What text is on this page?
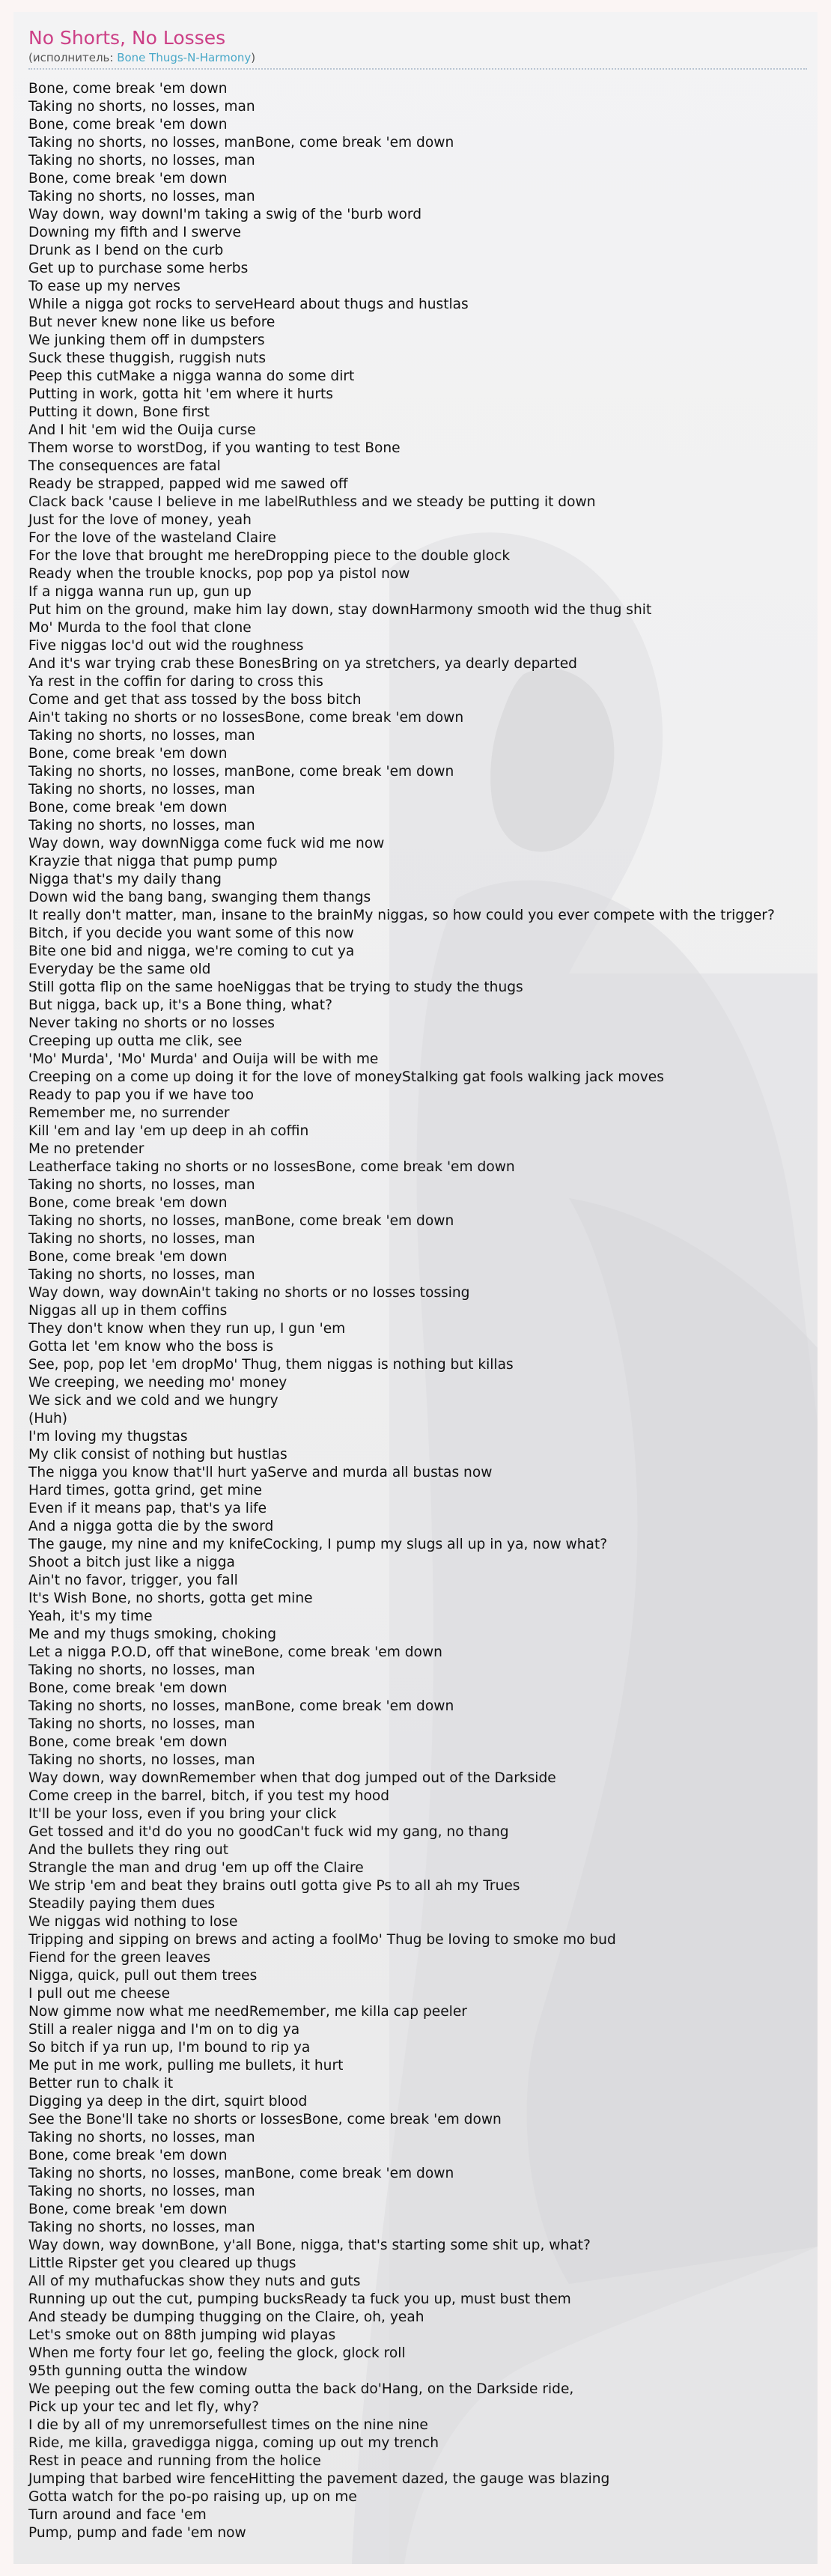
No Shorts, No Losses
(исполнитель: Bone Thugs-N-Harmony)
Bone, come break 'em down
Taking no shorts, no losses, man
Bone, come break 'em down
Taking no shorts, no losses, manBone, come break 'em down
Taking no shorts, no losses, man
Bone, come break 'em down
Taking no shorts, no losses, man
Way down, way downI'm taking a swig of the 'burb word
Downing my fifth and I swerve
Drunk as I bend on the curb
Get up to purchase some herbs
To ease up my nerves
While a nigga got rocks to serveHeard about thugs and hustlas
But never knew none like us before
We junking them off in dumpsters
Suck these thuggish, ruggish nuts
Peep this cutMake a nigga wanna do some dirt
Putting in work, gotta hit 'em where it hurts
Putting it down, Bone first
And I hit 'em wid the Ouija curse
Them worse to worstDog, if you wanting to test Bone
The consequences are fatal
Ready be strapped, papped wid me sawed off
Clack back 'cause I believe in me labelRuthless and we steady be putting it down
Just for the love of money, yeah
For the love of the wasteland Claire
For the love that brought me hereDropping piece to the double glock
Ready when the trouble knocks, pop pop ya pistol now
If a nigga wanna run up, gun up
Put him on the ground, make him lay down, stay downHarmony smooth wid the thug shit
Mo' Murda to the fool that clone
Five niggas loc'd out wid the roughness
And it's war trying crab these BonesBring on ya stretchers, ya dearly departed
Ya rest in the coffin for daring to cross this
Come and get that ass tossed by the boss bitch
Ain't taking no shorts or no lossesBone, come break 'em down
Taking no shorts, no losses, man
Bone, come break 'em down
Taking no shorts, no losses, manBone, come break 'em down
Taking no shorts, no losses, man
Bone, come break 'em down
Taking no shorts, no losses, man
Way down, way downNigga come fuck wid me now
Krayzie that nigga that pump pump
Nigga that's my daily thang
Down wid the bang bang, swanging them thangs
It really don't matter, man, insane to the brainMy niggas, so how could you ever compete with the trigger?
Bitch, if you decide you want some of this now
Bite one bid and nigga, we're coming to cut ya
Everyday be the same old
Still gotta flip on the same hoeNiggas that be trying to study the thugs
But nigga, back up, it's a Bone thing, what?
Never taking no shorts or no losses
Creeping up outta me clik, see
'Mo' Murda', 'Mo' Murda' and Ouija will be with me
Creeping on a come up doing it for the love of moneyStalking gat fools walking jack moves
Ready to pap you if we have too
Remember me, no surrender
Kill 'em and lay 'em up deep in ah coffin
Me no pretender
Leatherface taking no shorts or no lossesBone, come break 'em down
Taking no shorts, no losses, man
Bone, come break 'em down
Taking no shorts, no losses, manBone, come break 'em down
Taking no shorts, no losses, man
Bone, come break 'em down
Taking no shorts, no losses, man
Way down, way downAin't taking no shorts or no losses tossing
Niggas all up in them coffins
They don't know when they run up, I gun 'em
Gotta let 'em know who the boss is
See, pop, pop let 'em dropMo' Thug, them niggas is nothing but killas
We creeping, we needing mo' money
We sick and we cold and we hungry
(Huh)
I'm loving my thugstas
My clik consist of nothing but hustlas
The nigga you know that'll hurt yaServe and murda all bustas now
Hard times, gotta grind, get mine
Even if it means pap, that's ya life
And a nigga gotta die by the sword
The gauge, my nine and my knifeCocking, I pump my slugs all up in ya, now what?
Shoot a bitch just like a nigga
Ain't no favor, trigger, you fall
It's Wish Bone, no shorts, gotta get mine
Yeah, it's my time
Me and my thugs smoking, choking
Let a nigga P.O.D, off that wineBone, come break 'em down
Taking no shorts, no losses, man
Bone, come break 'em down
Taking no shorts, no losses, manBone, come break 'em down
Taking no shorts, no losses, man
Bone, come break 'em down
Taking no shorts, no losses, man
Way down, way downRemember when that dog jumped out of the Darkside
Come creep in the barrel, bitch, if you test my hood
It'll be your loss, even if you bring your click
Get tossed and it'd do you no goodCan't fuck wid my gang, no thang
And the bullets they ring out
Strangle the man and drug 'em up off the Claire
We strip 'em and beat they brains outI gotta give Ps to all ah my Trues
Steadily paying them dues
We niggas wid nothing to lose
Tripping and sipping on brews and acting a foolMo' Thug be loving to smoke mo bud
Fiend for the green leaves
Nigga, quick, pull out them trees
I pull out me cheese
Now gimme now what me needRemember, me killa cap peeler
Still a realer nigga and I'm on to dig ya
So bitch if ya run up, I'm bound to rip ya
Me put in me work, pulling me bullets, it hurt
Better run to chalk it
Digging ya deep in the dirt, squirt blood
See the Bone'll take no shorts or lossesBone, come break 'em down
Taking no shorts, no losses, man
Bone, come break 'em down
Taking no shorts, no losses, manBone, come break 'em down
Taking no shorts, no losses, man
Bone, come break 'em down
Taking no shorts, no losses, man
Way down, way downBone, y'all Bone, nigga, that's starting some shit up, what?
Little Ripster get you cleared up thugs
All of my muthafuckas show they nuts and guts
Running up out the cut, pumping bucksReady ta fuck you up, must bust them
And steady be dumping thugging on the Claire, oh, yeah
Let's smoke out on 88th jumping wid playas
When me forty four let go, feeling the glock, glock roll
95th gunning outta the window
We peeping out the few coming outta the back do'Hang, on the Darkside ride,
Pick up your tec and let fly, why?
I die by all of my unremorsefullest times on the nine nine
Ride, me killa, gravedigga nigga, coming up out my trench
Rest in peace and running from the holice
Jumping that barbed wire fenceHitting the pavement dazed, the gauge was blazing
Gotta watch for the po-po raising up, up on me
Turn around and face 'em
Pump, pump and fade 'em now
